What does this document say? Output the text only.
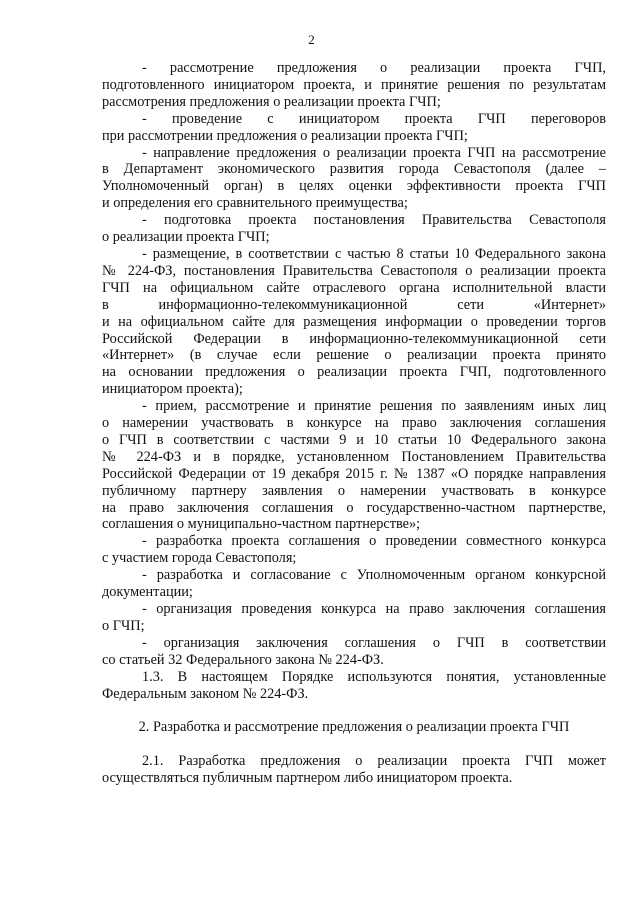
2
- рассмотрение предложения о реализации проекта ГЧП,
подготовленного инициатором проекта, и принятие решения по результатам
рассмотрения предложения о реализации проекта ГЧП;
- проведение с инициатором проекта ГЧП переговоров
при рассмотрении предложения о реализации проекта ГЧП;
- направление предложения о реализации проекта ГЧП на рассмотрение
в Департамент экономического развития города Севастополя (далее –
Уполномоченный орган) в целях оценки эффективности проекта ГЧП
и определения его сравнительного преимущества;
- подготовка проекта постановления Правительства Севастополя
о реализации проекта ГЧП;
- размещение, в соответствии с частью 8 статьи 10 Федерального закона
№ 224-ФЗ, постановления Правительства Севастополя о реализации проекта
ГЧП на официальном сайте отраслевого органа исполнительной власти
в информационно-телекоммуникационной сети «Интернет»
и на официальном сайте для размещения информации о проведении торгов
Российской Федерации в информационно-телекоммуникационной сети
«Интернет» (в случае если решение о реализации проекта принято
на основании предложения о реализации проекта ГЧП, подготовленного
инициатором проекта);
- прием, рассмотрение и принятие решения по заявлениям иных лиц
о намерении участвовать в конкурсе на право заключения соглашения
о ГЧП в соответствии с частями 9 и 10 статьи 10 Федерального закона
№ 224-ФЗ и в порядке, установленном Постановлением Правительства
Российской Федерации от 19 декабря 2015 г. № 1387 «О порядке направления
публичному партнеру заявления о намерении участвовать в конкурсе
на право заключения соглашения о государственно-частном партнерстве,
соглашения о муниципально-частном партнерстве»;
- разработка проекта соглашения о проведении совместного конкурса
с участием города Севастополя;
- разработка и согласование с Уполномоченным органом конкурсной
документации;
- организация проведения конкурса на право заключения соглашения
о ГЧП;
- организация заключения соглашения о ГЧП в соответствии
со статьей 32 Федерального закона № 224-ФЗ.
1.3. В настоящем Порядке используются понятия, установленные
Федеральным законом № 224-ФЗ.
2. Разработка и рассмотрение предложения о реализации проекта ГЧП
2.1. Разработка предложения о реализации проекта ГЧП может
осуществляться публичным партнером либо инициатором проекта.
